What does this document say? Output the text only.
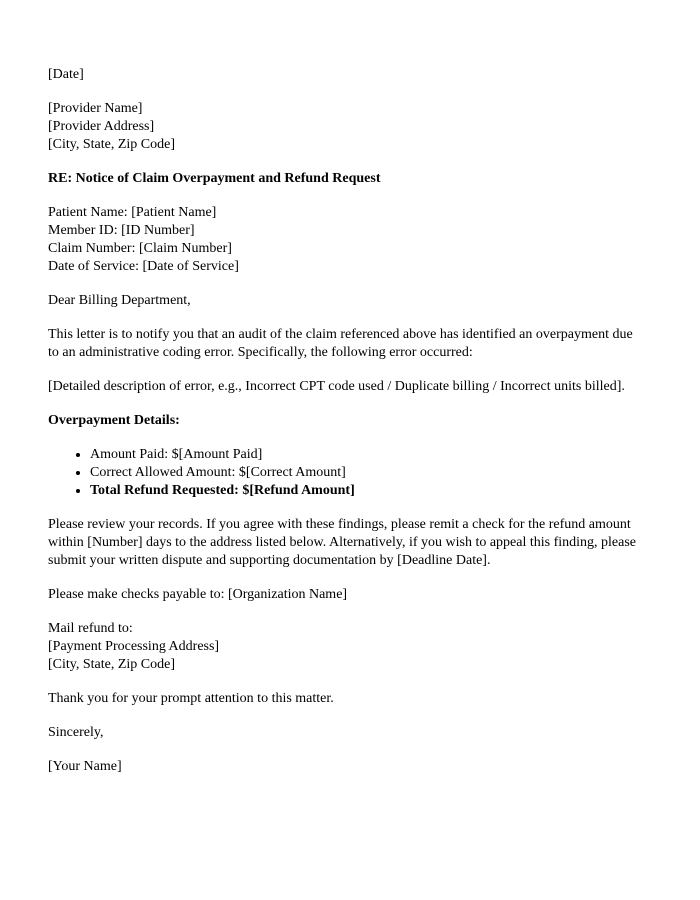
[Date]

[Provider Name]

[Provider Address]

[City, State, Zip Code]

RE: Notice of Claim Overpayment and Refund Request

Patient Name: [Patient Name]

Member ID: [ID Number]

Claim Number: [Claim Number]

Date of Service: [Date of Service]

Dear Billing Department,

This letter is to notify you that an audit of the claim referenced above has identified an overpayment due to an administrative coding error. Specifically, the following error occurred:

[Detailed description of error, e.g., Incorrect CPT code used / Duplicate billing / Incorrect units billed].

Overpayment Details:

• Amount Paid: $[Amount Paid]
• Correct Allowed Amount: $[Correct Amount]
• Total Refund Requested: $[Refund Amount]

Please review your records. If you agree with these findings, please remit a check for the refund amount within [Number] days to the address listed below. Alternatively, if you wish to appeal this finding, please submit your written dispute and supporting documentation by [Deadline Date].

Please make checks payable to: [Organization Name]

Mail refund to:

[Payment Processing Address]

[City, State, Zip Code]

Thank you for your prompt attention to this matter.

Sincerely,

[Your Name]
